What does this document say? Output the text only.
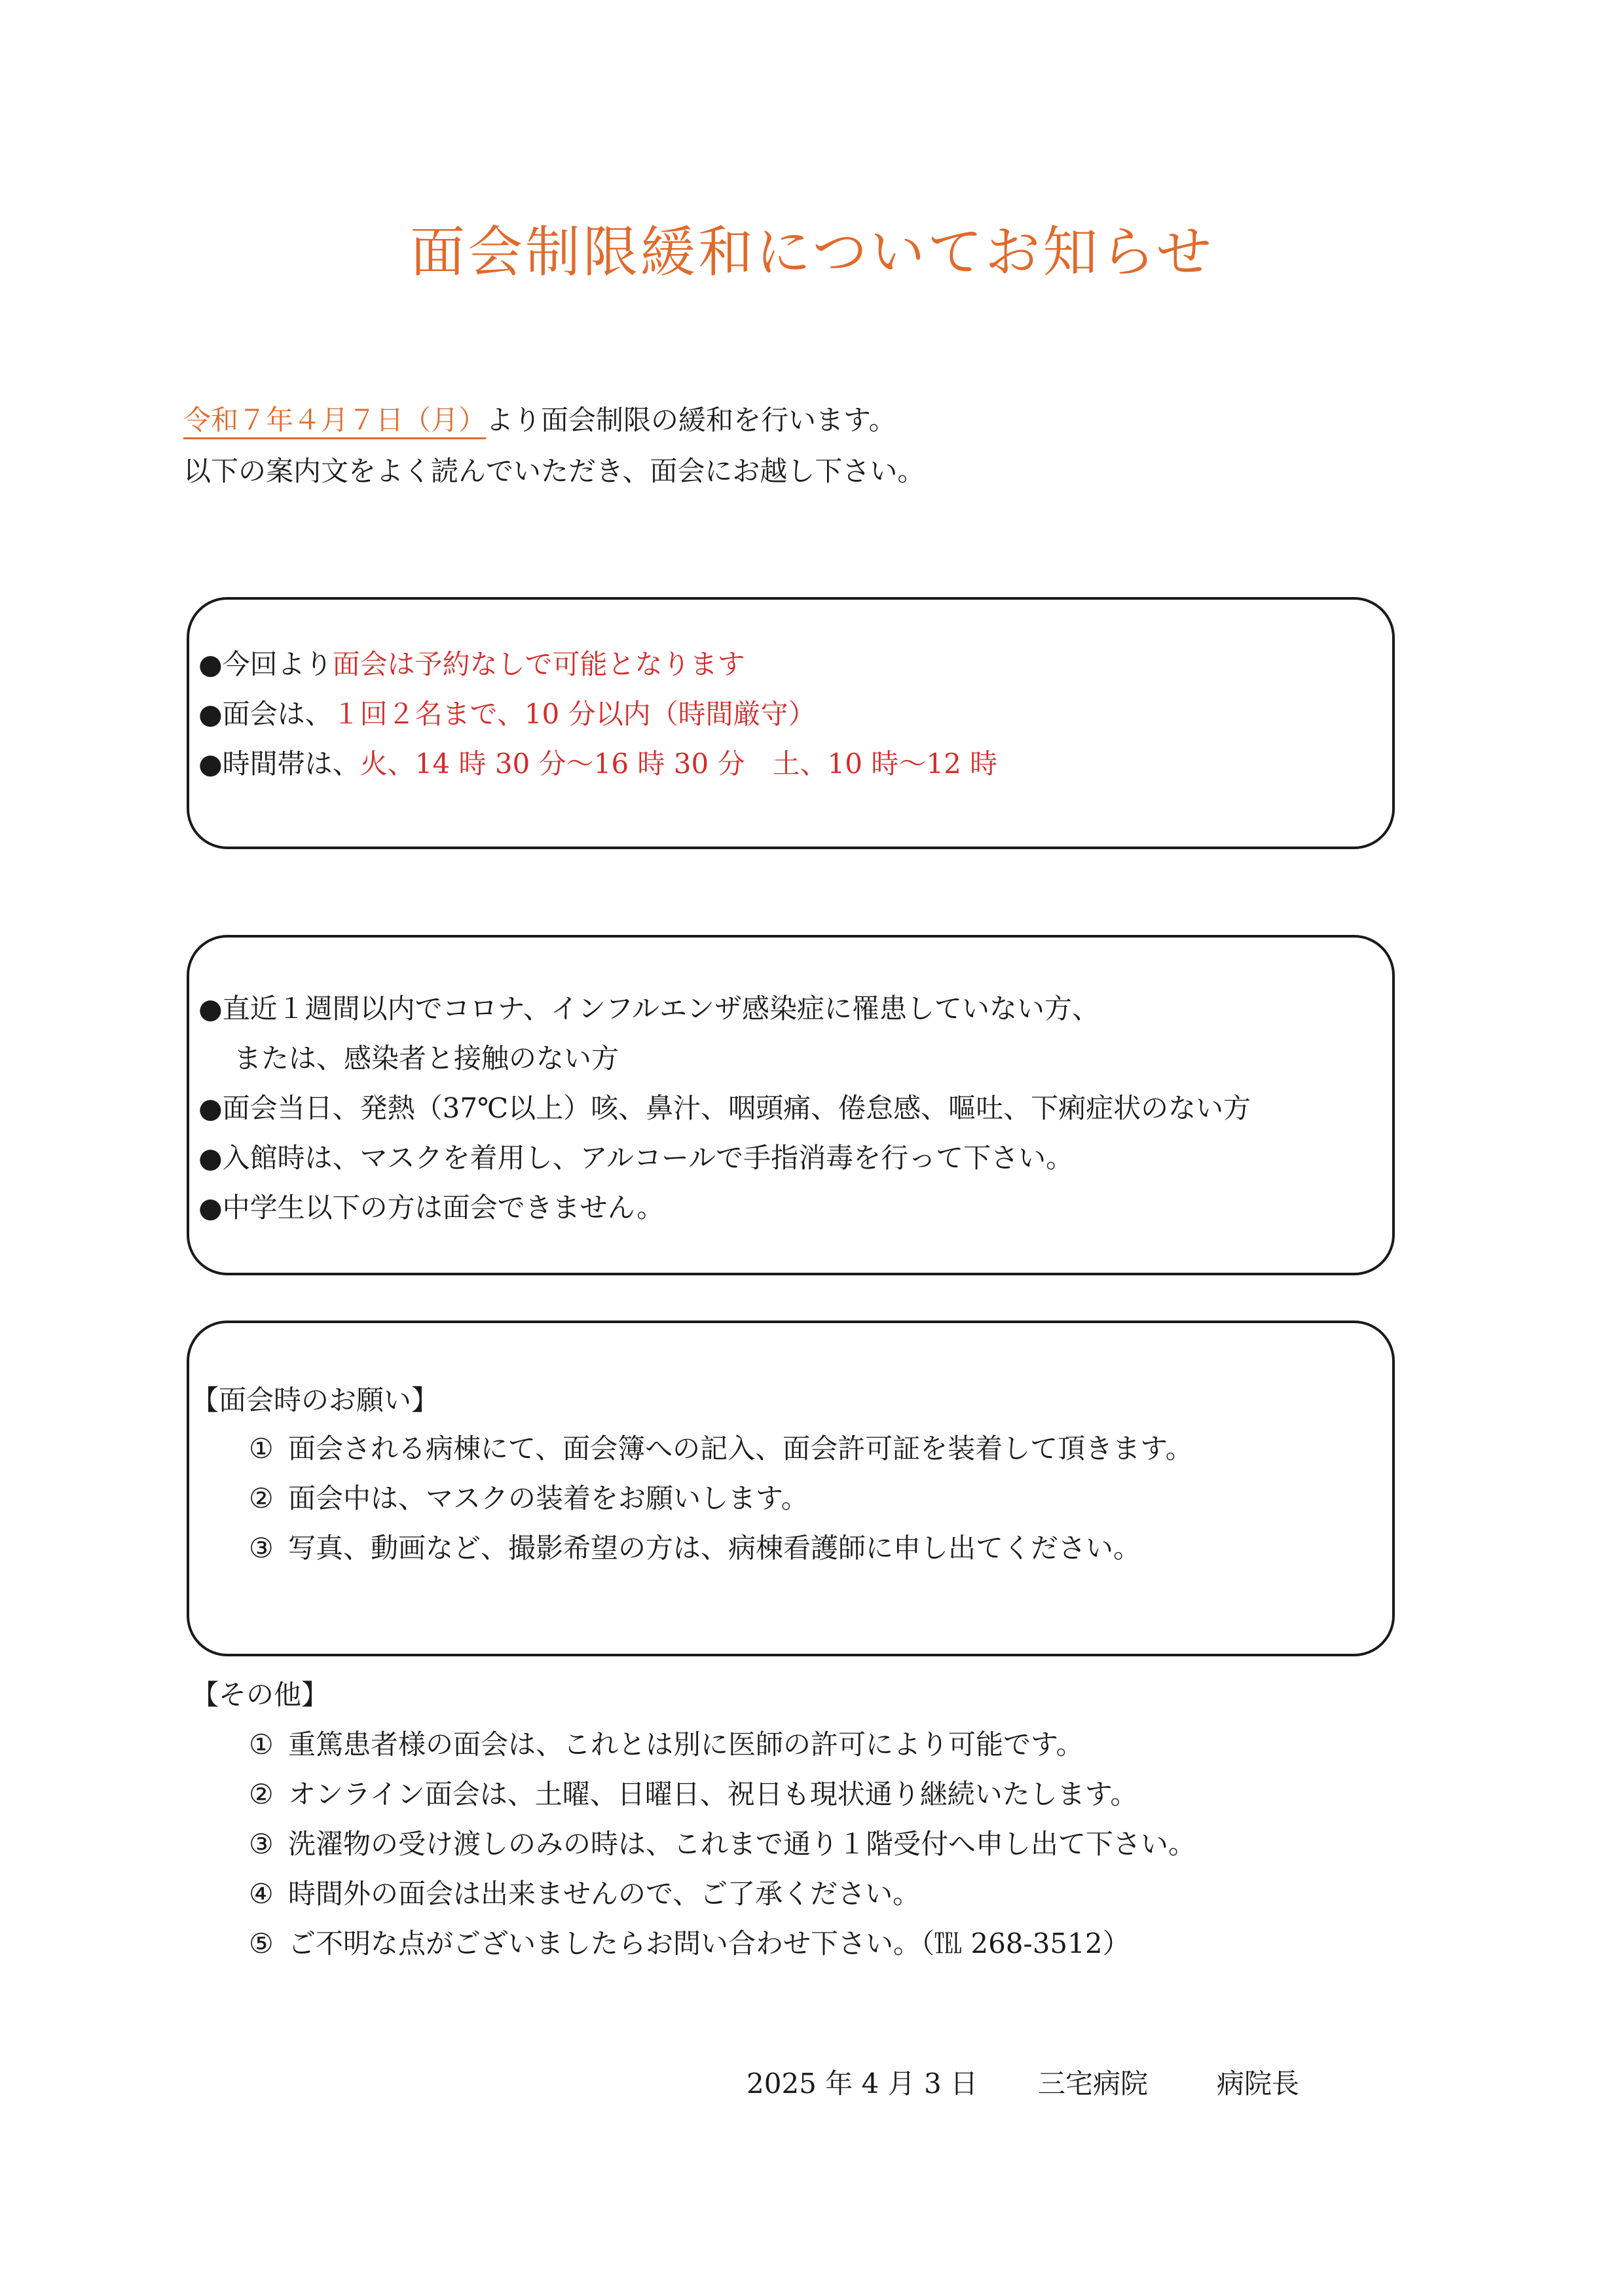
面会制限緩和についてお知らせ
令和７年４月７日（月）より面会制限の緩和を行います。
以下の案内文をよく読んでいただき、面会にお越し下さい。
●今回より面会は予約なしで可能となります
●面会は、１回２名まで、10 分以内（時間厳守）
●時間帯は、火、14 時 30 分～16 時 30 分　土、10 時～12 時
●直近１週間以内でコロナ、インフルエンザ感染症に罹患していない方、
または、感染者と接触のない方
●面会当日、発熱（37℃以上）咳、鼻汁、咽頭痛、倦怠感、嘔吐、下痢症状のない方
●入館時は、マスクを着用し、アルコールで手指消毒を行って下さい。
●中学生以下の方は面会できません。
【面会時のお願い】
① 面会される病棟にて、面会簿への記入、面会許可証を装着して頂きます。
② 面会中は、マスクの装着をお願いします。
③ 写真、動画など、撮影希望の方は、病棟看護師に申し出てください。
【その他】
① 重篤患者様の面会は、これとは別に医師の許可により可能です。
② オンライン面会は、土曜、日曜日、祝日も現状通り継続いたします。
③ 洗濯物の受け渡しのみの時は、これまで通り１階受付へ申し出て下さい。
④ 時間外の面会は出来ませんので、ご了承ください。
⑤ ご不明な点がございましたらお問い合わせ下さい。（℡ 268-3512）
2025 年 4 月 3 日 三宅病院 病院長
